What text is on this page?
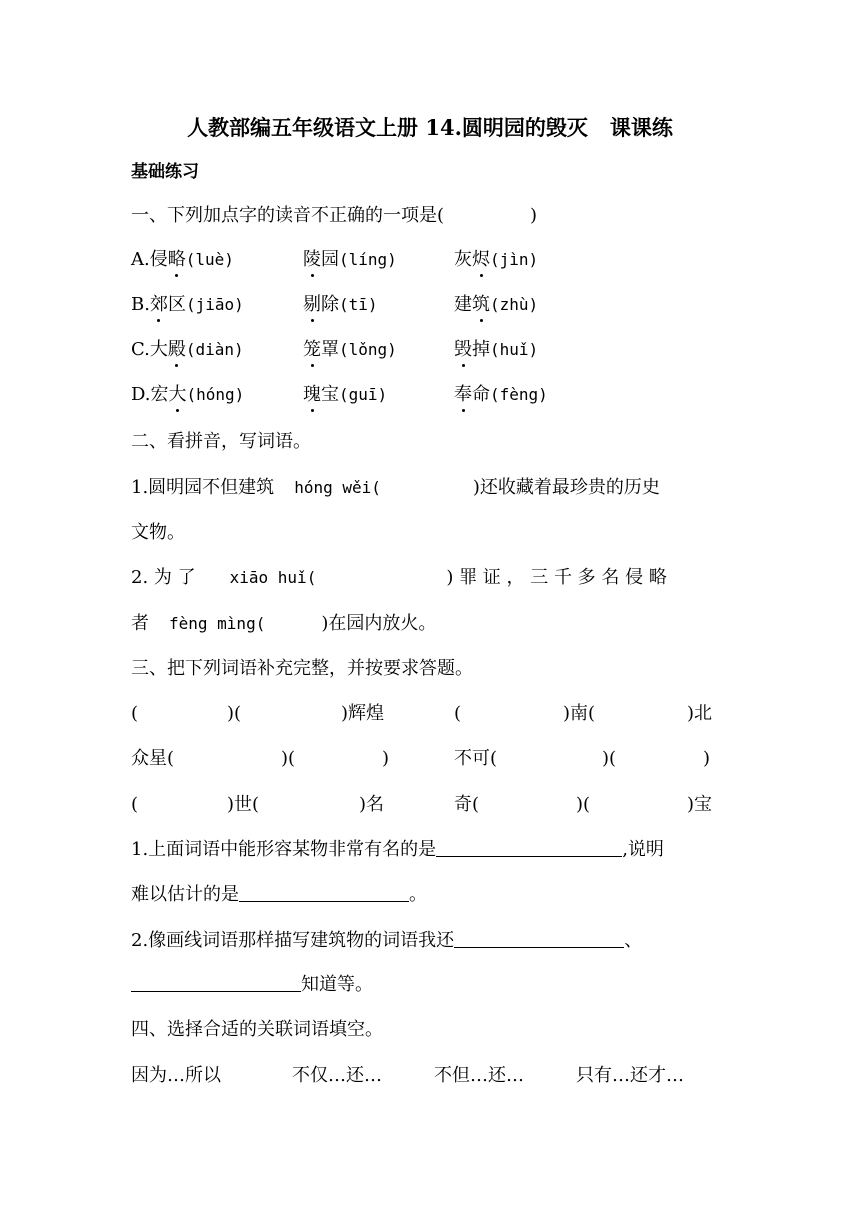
人教部编五年级语文上册 14.圆明园的毁灭 课课练
基础练习
一、下列加点字的读音不正确的一项是(	)
A.侵略(luè)	陵园(líng)	灰烬(jìn)
B.郊区(jiāo)	剔除(tī)	建筑(zhù)
C.大殿(diàn)	笼罩(lǒng)	毁掉(huǐ)
D.宏大(hóng)	瑰宝(guī)	奉命(fèng)
二、看拼音，写词语。
1.圆明园不但建筑 hóng wěi(	)还收藏着最珍贵的历史
文物。
2. 为 了 xiāo huǐ(	) 罪 证 ， 三 千 多 名 侵 略
者 fèng mìng(	)在园内放火。
三、把下列词语补充完整，并按要求答题。
(	)(	)辉煌	(	)南(	)北
众星(	)(	)	不可(	)(	)
(	)世(	)名	奇(	)(	)宝
1.上面词语中能形容某物非常有名的是	,说明
难以估计的是	。
2.像画线词语那样描写建筑物的词语我还	、
知道等。
四、选择合适的关联词语填空。
因为…所以	不仅…还…	不但…还…	只有…还才…
